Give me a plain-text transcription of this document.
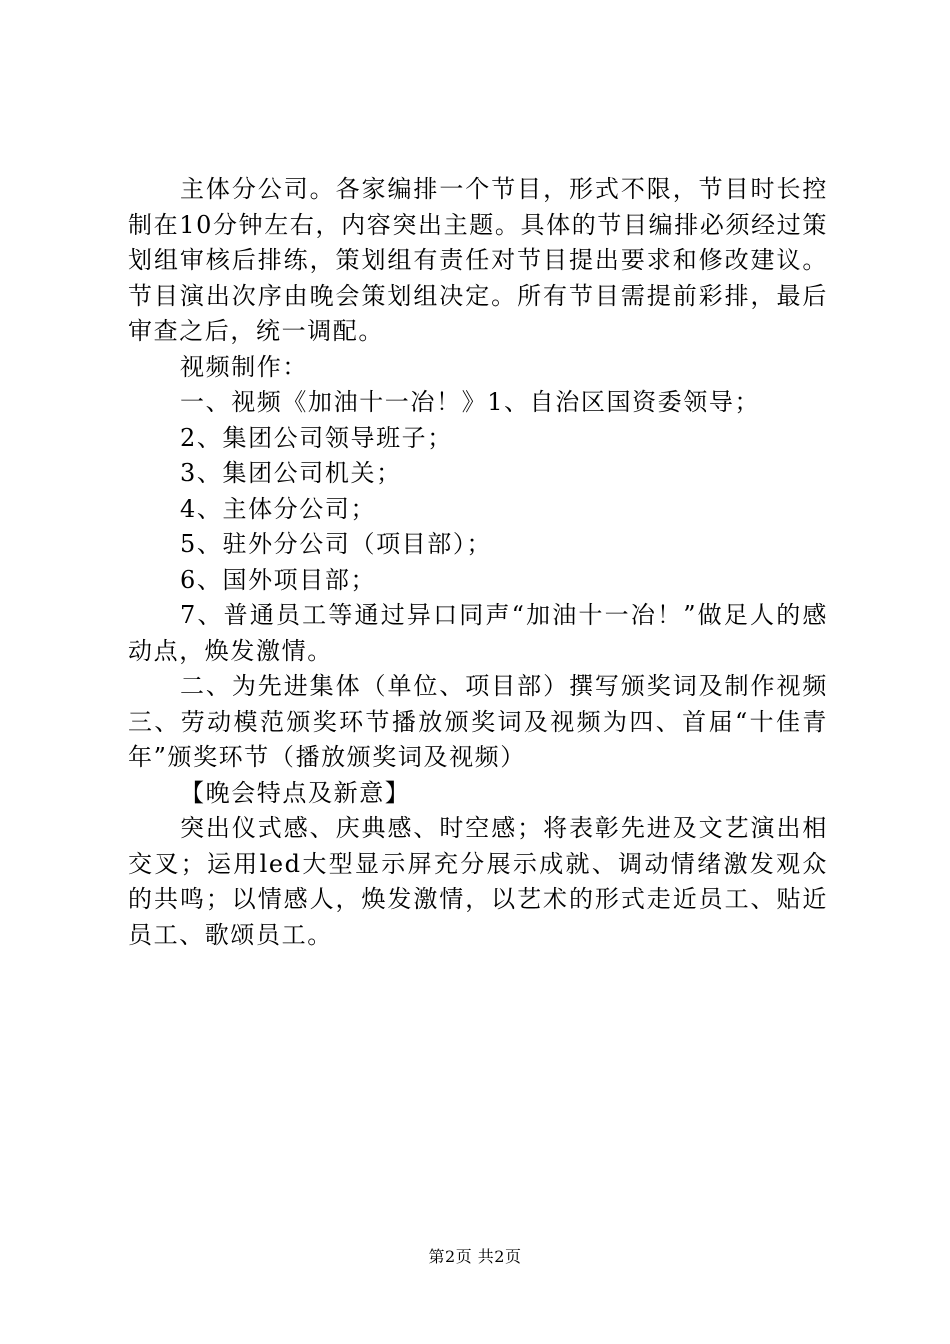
主体分公司。各家编排一个节目，形式不限，节目时长控制在10分钟左右，内容突出主题。具体的节目编排必须经过策划组审核后排练，策划组有责任对节目提出要求和修改建议。节目演出次序由晚会策划组决定。所有节目需提前彩排，最后审查之后，统一调配。

视频制作：

一、视频《加油十一冶！》1、自治区国资委领导；

2、集团公司领导班子；

3、集团公司机关；

4、主体分公司；

5、驻外分公司（项目部）；

6、国外项目部；

7、普通员工等通过异口同声“加油十一冶！”做足人的感动点，焕发激情。

二、为先进集体（单位、项目部）撰写颁奖词及制作视频三、劳动模范颁奖环节播放颁奖词及视频为四、首届“十佳青年”颁奖环节（播放颁奖词及视频）

【晚会特点及新意】

突出仪式感、庆典感、时空感；将表彰先进及文艺演出相交叉；运用led大型显示屏充分展示成就、调动情绪激发观众的共鸣；以情感人，焕发激情，以艺术的形式走近员工、贴近员工、歌颂员工。

第2页 共2页
